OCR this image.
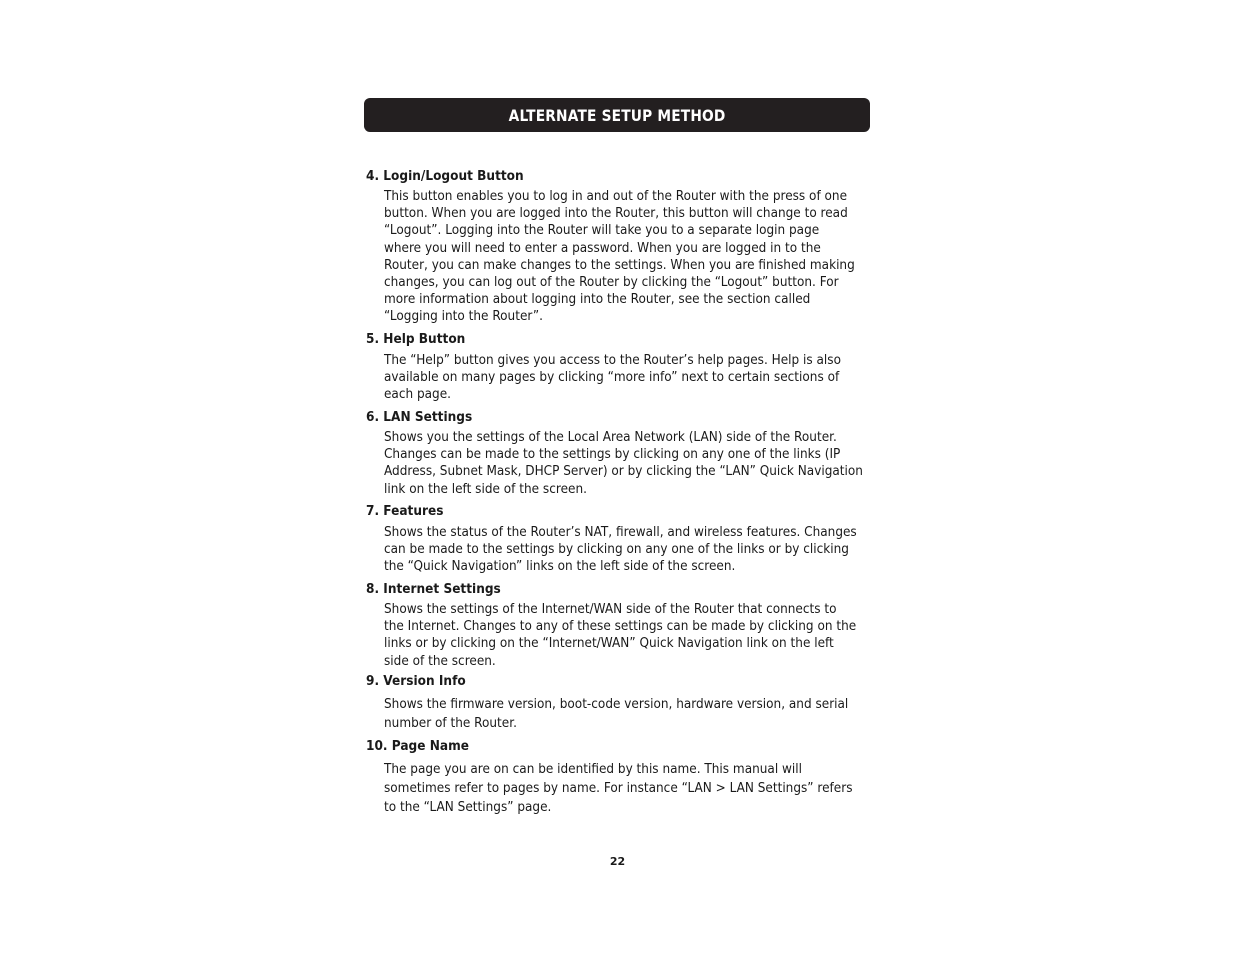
ALTERNATE SETUP METHOD
4. Login/Logout Button
This button enables you to log in and out of the Router with the press of one
button. When you are logged into the Router, this button will change to read
“Logout”. Logging into the Router will take you to a separate login page
where you will need to enter a password. When you are logged in to the
Router, you can make changes to the settings. When you are finished making
changes, you can log out of the Router by clicking the “Logout” button. For
more information about logging into the Router, see the section called
“Logging into the Router”.
5. Help Button
The “Help” button gives you access to the Router’s help pages. Help is also
available on many pages by clicking “more info” next to certain sections of
each page.
6. LAN Settings
Shows you the settings of the Local Area Network (LAN) side of the Router.
Changes can be made to the settings by clicking on any one of the links (IP
Address, Subnet Mask, DHCP Server) or by clicking the “LAN” Quick Navigation
link on the left side of the screen.
7. Features
Shows the status of the Router’s NAT, firewall, and wireless features. Changes
can be made to the settings by clicking on any one of the links or by clicking
the “Quick Navigation” links on the left side of the screen.
8. Internet Settings
Shows the settings of the Internet/WAN side of the Router that connects to
the Internet. Changes to any of these settings can be made by clicking on the
links or by clicking on the “Internet/WAN” Quick Navigation link on the left
side of the screen.
9. Version Info
Shows the firmware version, boot-code version, hardware version, and serial
number of the Router.
10. Page Name
The page you are on can be identified by this name. This manual will
sometimes refer to pages by name. For instance “LAN > LAN Settings” refers
to the “LAN Settings” page.
22
